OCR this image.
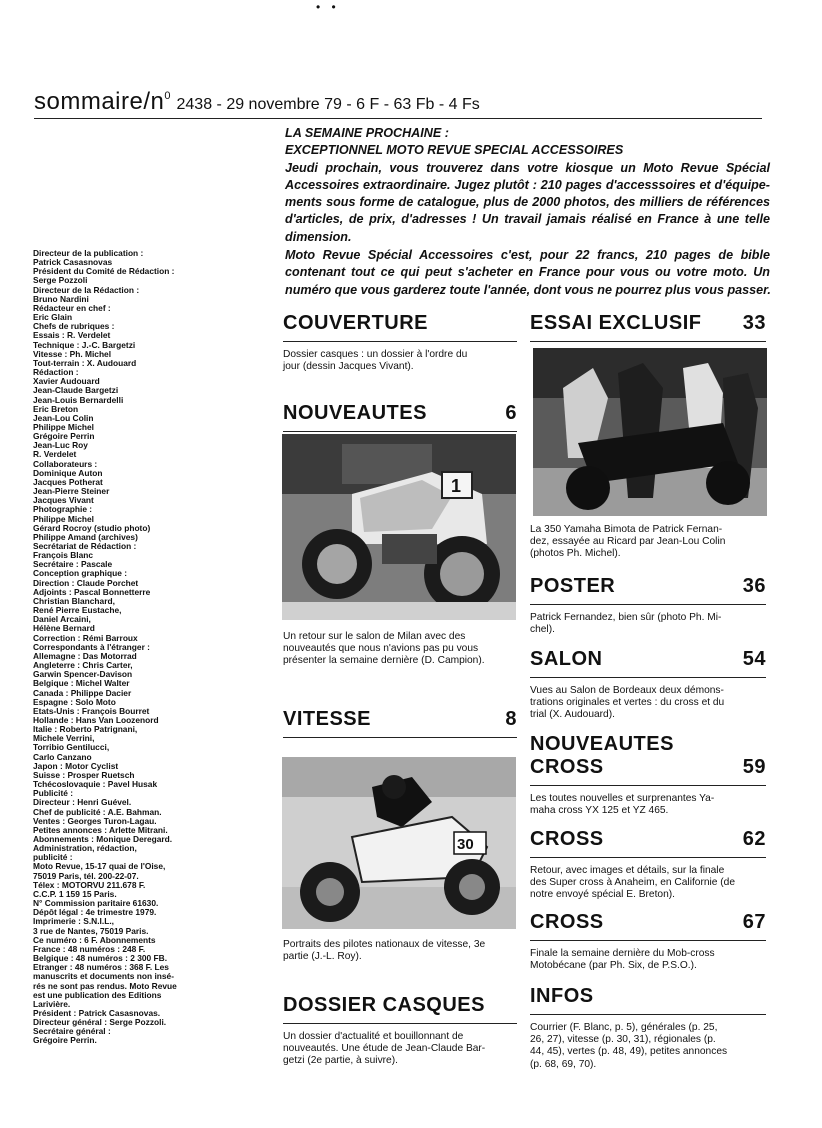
• •
sommaire/$n^0$ 2438 - 29 novembre 79 - 6 F - 63 Fb - 4 Fs
Directeur de la publication :
Patrick Casasnovas
Président du Comité de Rédaction :
Serge Pozzoli
Directeur de la Rédaction :
Bruno Nardini
Rédacteur en chef :
Eric Glain
Chefs de rubriques :
Essais : R. Verdelet
Technique : J.-C. Bargetzi
Vitesse : Ph. Michel
Tout-terrain : X. Audouard
Rédaction :
Xavier Audouard
Jean-Claude Bargetzi
Jean-Louis Bernardelli
Eric Breton
Jean-Lou Colin
Philippe Michel
Grégoire Perrin
Jean-Luc Roy
R. Verdelet
Collaborateurs :
Dominique Auton
Jacques Potherat
Jean-Pierre Steiner
Jacques Vivant
Photographie :
Philippe Michel
Gérard Rocroy (studio photo)
Philippe Amand (archives)
Secrétariat de Rédaction :
François Blanc
Secrétaire : Pascale
Conception graphique :
Direction : Claude Porchet
Adjoints : Pascal Bonnetterre
Christian Blanchard,
René Pierre Eustache,
Daniel Arcaini,
Hélène Bernard
Correction : Rémi Barroux
Correspondants à l'étranger :
Allemagne : Das Motorrad
Angleterre : Chris Carter,
Garwin Spencer-Davison
Belgique : Michel Walter
Canada : Philippe Dacier
Espagne : Solo Moto
Etats-Unis : François Bourret
Hollande : Hans Van Loozenord
Italie : Roberto Patrignani,
Michele Verrini,
Torribio Gentilucci,
Carlo Canzano
Japon : Motor Cyclist
Suisse : Prosper Ruetsch
Tchécoslovaquie : Pavel Husak
Publicité :
Directeur : Henri Guével.
Chef de publicité : A.E. Bahman.
Ventes : Georges Turon-Lagau.
Petites annonces : Arlette Mitrani.
Abonnements : Monique Deregard.
Administration, rédaction,
publicité :
Moto Revue, 15-17 quai de l'Oise,
75019 Paris, tél. 200-22-07.
Télex : MOTORVU 211.678 F.
C.C.P. 1 159 15 Paris.
N° Commission paritaire 61630.
Dépôt légal : 4e trimestre 1979.
Imprimerie : S.N.I.L.,
3 rue de Nantes, 75019 Paris.
Ce numéro : 6 F. Abonnements
France : 48 numéros : 248 F.
Belgique : 48 numéros : 2 300 FB.
Etranger : 48 numéros : 368 F. Les
manuscrits et documents non insé-
rés ne sont pas rendus. Moto Revue
est une publication des Editions
Larivière.
Président : Patrick Casasnovas.
Directeur général : Serge Pozzoli.
Secrétaire général :
Grégoire Perrin.
LA SEMAINE PROCHAINE :
EXCEPTIONNEL MOTO REVUE SPECIAL ACCESSOIRES
Jeudi prochain, vous trouverez dans votre kiosque un Moto Revue Spécial
Accessoires extraordinaire. Jugez plutôt : 210 pages d'accesssoires et d'équipe-
ments sous forme de catalogue, plus de 2000 photos, des milliers de références
d'articles, de prix, d'adresses ! Un travail jamais réalisé en France à une telle
dimension.
Moto Revue Spécial Accessoires c'est, pour 22 francs, 210 pages de bible
contenant tout ce qui peut s'acheter en France pour vous ou votre moto. Un
numéro que vous garderez toute l'année, dont vous ne pourrez plus vous passer.
COUVERTURE
Dossier casques : un dossier à l'ordre du
jour (dessin Jacques Vivant).
NOUVEAUTES	6
1
Un retour sur le salon de Milan avec des
nouveautés que nous n'avions pas pu vous
présenter la semaine dernière (D. Campion).
VITESSE	8
30
Portraits des pilotes nationaux de vitesse, 3e
partie (J.-L. Roy).
DOSSIER CASQUES
Un dossier d'actualité et bouillonnant de
nouveautés. Une étude de Jean-Claude Bar-
getzi (2e partie, à suivre).
ESSAI EXCLUSIF 33
La 350 Yamaha Bimota de Patrick Fernan-
dez, essayée au Ricard par Jean-Lou Colin
(photos Ph. Michel).
POSTER	36
Patrick Fernandez, bien sûr (photo Ph. Mi-
chel).
SALON	54
Vues au Salon de Bordeaux deux démons-
trations originales et vertes : du cross et du
trial (X. Audouard).
NOUVEAUTES
CROSS	59
Les toutes nouvelles et surprenantes Ya-
maha cross YX 125 et YZ 465.
CROSS	62
Retour, avec images et détails, sur la finale
des Super cross à Anaheim, en Californie (de
notre envoyé spécial E. Breton).
CROSS	67
Finale la semaine dernière du Mob-cross
Motobécane (par Ph. Six, de P.S.O.).
INFOS
Courrier (F. Blanc, p. 5), générales (p. 25,
26, 27), vitesse (p. 30, 31), régionales (p.
44, 45), vertes (p. 48, 49), petites annonces
(p. 68, 69, 70).
